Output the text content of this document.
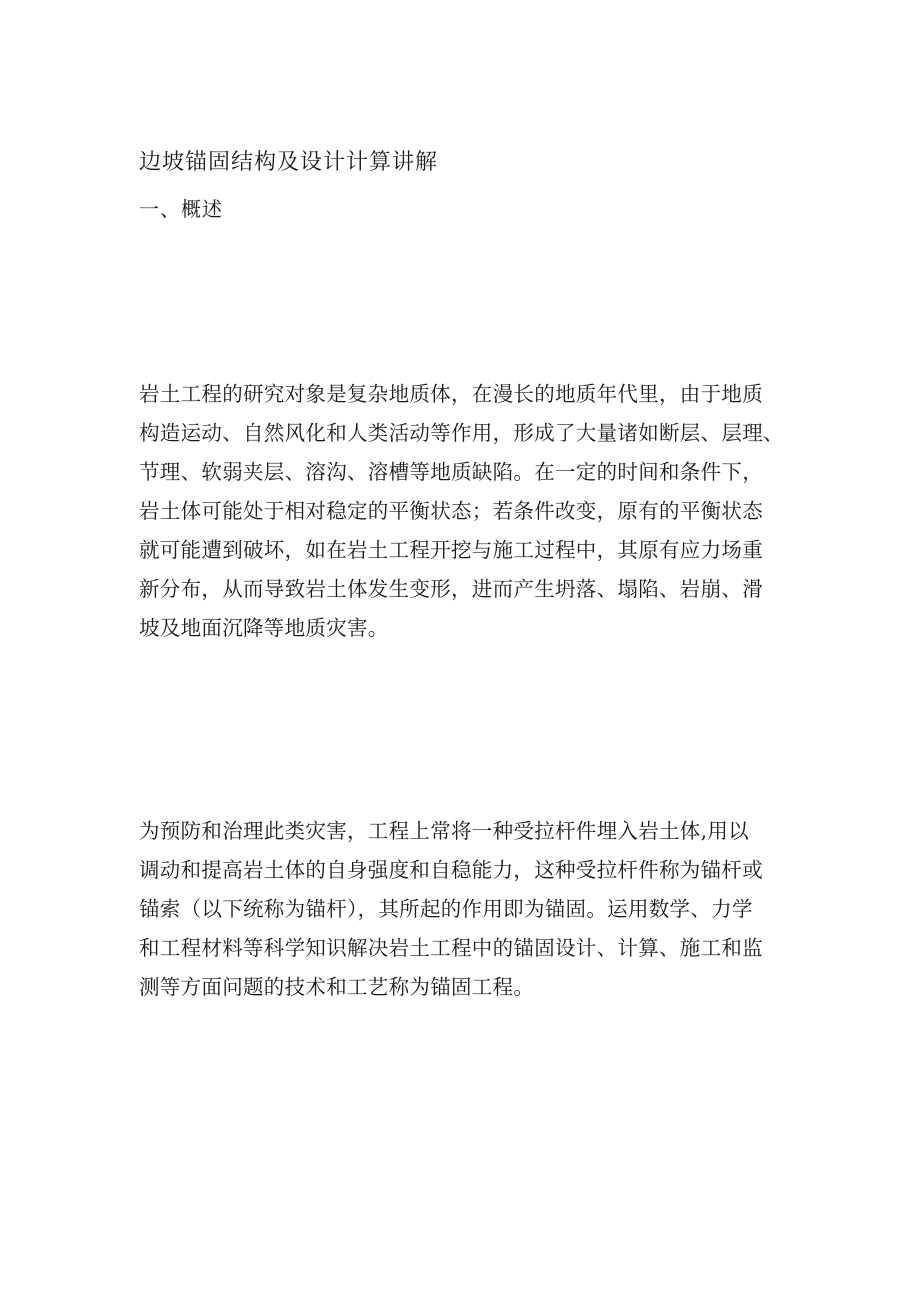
边坡锚固结构及设计计算讲解
一、概述
岩土工程的研究对象是复杂地质体，在漫长的地质年代里，由于地质
构造运动、自然风化和人类活动等作用，形成了大量诸如断层、层理、
节理、软弱夹层、溶沟、溶槽等地质缺陷。在一定的时间和条件下，
岩土体可能处于相对稳定的平衡状态；若条件改变，原有的平衡状态
就可能遭到破坏，如在岩土工程开挖与施工过程中，其原有应力场重
新分布，从而导致岩土体发生变形，进而产生坍落、塌陷、岩崩、滑
坡及地面沉降等地质灾害。
为预防和治理此类灾害，工程上常将一种受拉杆件埋入岩土体,用以
调动和提高岩土体的自身强度和自稳能力，这种受拉杆件称为锚杆或
锚索（以下统称为锚杆），其所起的作用即为锚固。运用数学、力学
和工程材料等科学知识解决岩土工程中的锚固设计、计算、施工和监
测等方面问题的技术和工艺称为锚固工程。
